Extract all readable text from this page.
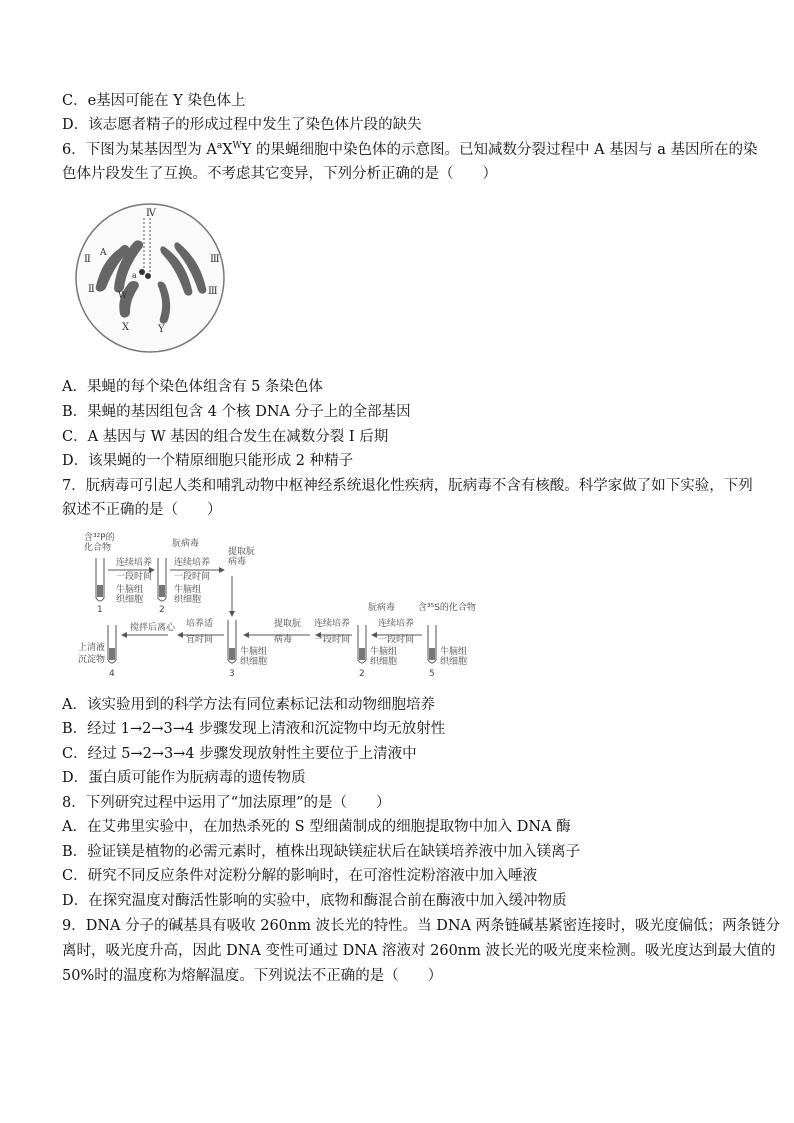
C．e基因可能在 Y 染色体上
D．该志愿者精子的形成过程中发生了染色体片段的缺失
6．下图为某基因型为 $A^aX^WY$ 的果蝇细胞中染色体的示意图。已知减数分裂过程中 A 基因与 a 基因所在的染
色体片段发生了互换。不考虑其它变异，下列分析正确的是（　　）
Ⅳ
Ⅱ
Ⅱ
Ⅲ
Ⅲ
A
a
W
X	Y
A．果蝇的每个染色体组含有 5 条染色体
B．果蝇的基因组包含 4 个核 DNA 分子上的全部基因
C．A 基因与 W 基因的组合发生在减数分裂 I 后期
D．该果蝇的一个精原细胞只能形成 2 种精子
7．朊病毒可引起人类和哺乳动物中枢神经系统退化性疾病，朊病毒不含有核酸。科学家做了如下实验，下列
叙述不正确的是（　　）
含³²P的
化合物
连续培养
一段时间
牛脑组
织细胞
朊病毒
连续培养
一段时间
牛脑组
织细胞
提取朊
病毒
1	2
上清液
沉淀物
4
搅拌后离心 培养适
宜时间
3
牛脑组
织细胞
提取朊
病毒
连续培养
一段时间
朊病毒
连续培养
一段时间
牛脑组
织细胞
2	5
含³⁵S的化合物
牛脑组
织细胞
A．该实验用到的科学方法有同位素标记法和动物细胞培养
B．经过 1→2→3→4 步骤发现上清液和沉淀物中均无放射性
C．经过 5→2→3→4 步骤发现放射性主要位于上清液中
D．蛋白质可能作为朊病毒的遗传物质
8．下列研究过程中运用了“加法原理”的是（　　）
A．在艾弗里实验中，在加热杀死的 S 型细菌制成的细胞提取物中加入 DNA 酶
B．验证镁是植物的必需元素时，植株出现缺镁症状后在缺镁培养液中加入镁离子
C．研究不同反应条件对淀粉分解的影响时，在可溶性淀粉溶液中加入唾液
D．在探究温度对酶活性影响的实验中，底物和酶混合前在酶液中加入缓冲物质
9．DNA 分子的碱基具有吸收 260nm 波长光的特性。当 DNA 两条链碱基紧密连接时，吸光度偏低；两条链分
离时，吸光度升高，因此 DNA 变性可通过 DNA 溶液对 260nm 波长光的吸光度来检测。吸光度达到最大值的
50%时的温度称为熔解温度。下列说法不正确的是（　　）
